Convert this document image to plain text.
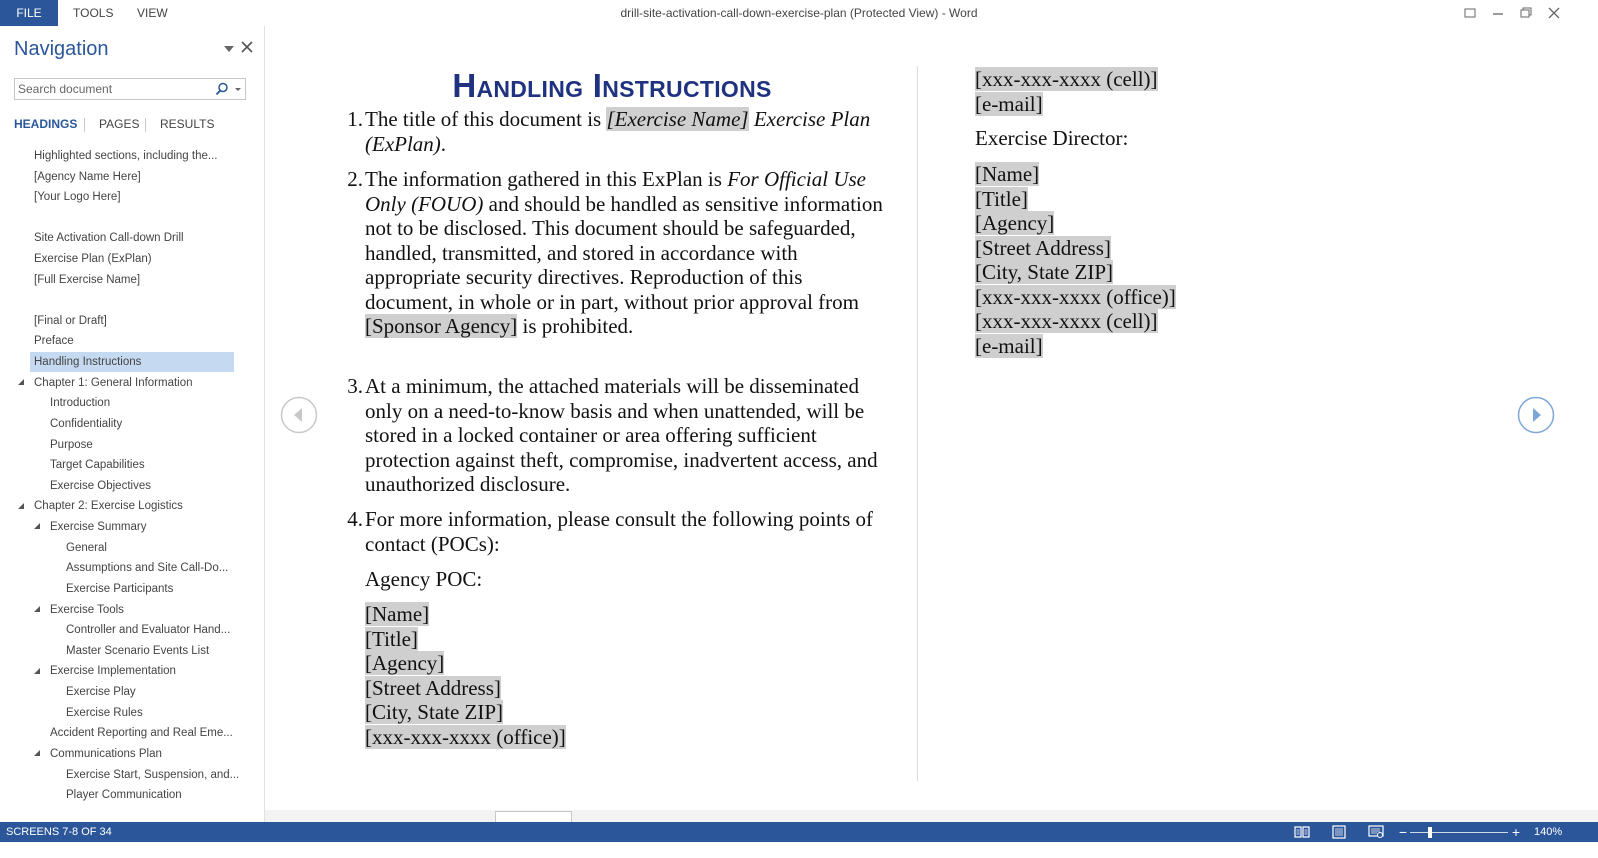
FILE	TOOLS VIEW	drill-site-activation-call-down-exercise-plan (Protected View) - Word
Navigation
Search document
HEADINGS PAGES RESULTS
Highlighted sections, including the...
[Agency Name Here]
[Your Logo Here]
Site Activation Call-down Drill
Exercise Plan (ExPlan)
[Full Exercise Name]
[Final or Draft]
Preface
Handling Instructions
Chapter 1: General Information
Introduction
Confidentiality
Purpose
Target Capabilities
Exercise Objectives
Chapter 2: Exercise Logistics
Exercise Summary
General
Assumptions and Site Call-Do...
Exercise Participants
Exercise Tools
Controller and Evaluator Hand...
Master Scenario Events List
Exercise Implementation
Exercise Play
Exercise Rules
Accident Reporting and Real Eme...
Communications Plan
Exercise Start, Suspension, and...
Player Communication
Handling Instructions
1. The title of this document is [Exercise Name] Exercise Plan (ExPlan).
2. The information gathered in this ExPlan is For Official Use Only (FOUO) and should be handled as sensitive information not to be disclosed. This document should be safeguarded, handled, transmitted, and stored in accordance with appropriate security directives. Reproduction of this document, in whole or in part, without prior approval from [Sponsor Agency] is prohibited.
3. At a minimum, the attached materials will be disseminated only on a need-to-know basis and when unattended, will be stored in a locked container or area offering sufficient protection against theft, compromise, inadvertent access, and unauthorized disclosure.
4. For more information, please consult the following points of contact (POCs):
Agency POC:
[Name]
[Title]
[Agency]
[Street Address]
[City, State ZIP]
[xxx-xxx-xxxx (office)]
[xxx-xxx-xxxx (cell)]
[e-mail]
Exercise Director:
[Name]
[Title]
[Agency]
[Street Address]
[City, State ZIP]
[xxx-xxx-xxxx (office)]
[xxx-xxx-xxxx (cell)]
[e-mail]
SCREENS 7-8 OF 34	−	+ 140%
